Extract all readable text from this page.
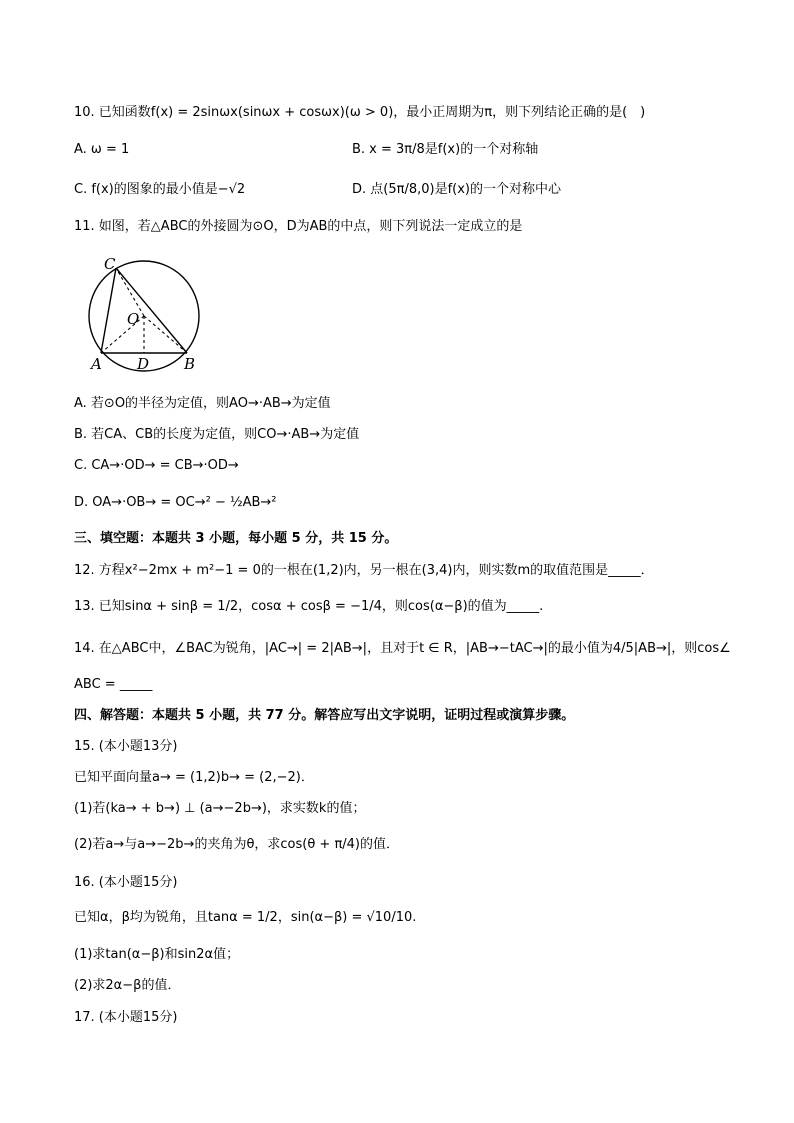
10. 已知函数f(x) = 2sinωx(sinωx + cosωx)(ω > 0)，最小正周期为π，则下列结论正确的是(　)
A. ω = 1	B. x = 3π/8是f(x)的一个对称轴
C. f(x)的图象的最小值是−√2	D. 点(5π/8,0)是f(x)的一个对称中心
11. 如图，若△ABC的外接圆为⊙O，D为AB的中点，则下列说法一定成立的是
C
O
A D B
A. 若⊙O的半径为定值，则AO→·AB→为定值
B. 若CA、CB的长度为定值，则CO→·AB→为定值
C. CA→·OD→ = CB→·OD→
D. OA→·OB→ = OC→² − ½AB→²
三、填空题：本题共 3 小题，每小题 5 分，共 15 分。
12. 方程x²−2mx + m²−1 = 0的一根在(1,2)内，另一根在(3,4)内，则实数m的取值范围是_____．
13. 已知sinα + sinβ = 1/2，cosα + cosβ = −1/4，则cos(α−β)的值为_____.
14. 在△ABC中，∠BAC为锐角，|AC→| = 2|AB→|，且对于t ∈ R，|AB→−tAC→|的最小值为4/5|AB→|，则cos∠
ABC = _____
四、解答题：本题共 5 小题，共 77 分。解答应写出文字说明，证明过程或演算步骤。
15. (本小题13分)
已知平面向量a→ = (1,2)b→ = (2,−2)．
(1)若(ka→ + b→) ⊥ (a→−2b→)，求实数k的值；
(2)若a→与a→−2b→的夹角为θ，求cos(θ + π/4)的值．
16. (本小题15分)
已知α，β均为锐角，且tanα = 1/2，sin(α−β) = √10/10.
(1)求tan(α−β)和sin2α值；
(2)求2α−β的值．
17. (本小题15分)
